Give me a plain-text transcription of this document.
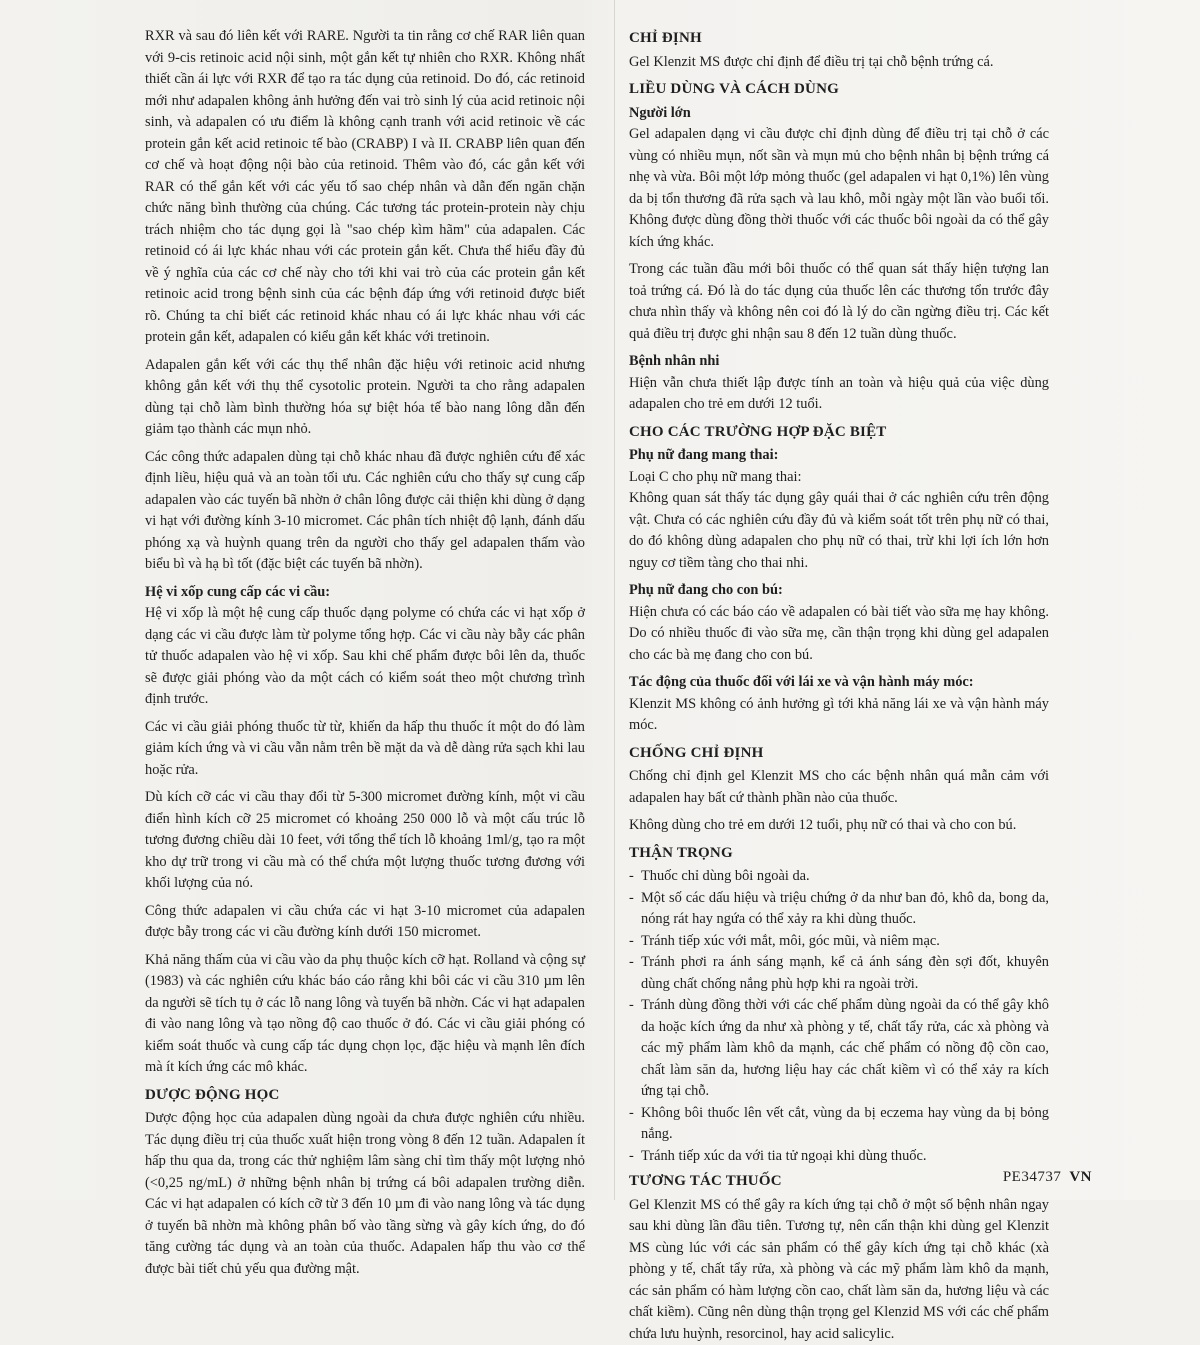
RXR và sau đó liên kết với RARE. Người ta tin rằng cơ chế RAR liên quan với 9-cis retinoic acid nội sinh, một gắn kết tự nhiên cho RXR. Không nhất thiết cần ái lực với RXR để tạo ra tác dụng của retinoid. Do đó, các retinoid mới như adapalen không ảnh hưởng đến vai trò sinh lý của acid retinoic nội sinh, và adapalen có ưu điểm là không cạnh tranh với acid retinoic về các protein gắn kết acid retinoic tế bào (CRABP) I và II. CRABP liên quan đến cơ chế và hoạt động nội bào của retinoid. Thêm vào đó, các gắn kết với RAR có thể gắn kết với các yếu tố sao chép nhân và dẫn đến ngăn chặn chức năng bình thường của chúng. Các tương tác protein-protein này chịu trách nhiệm cho tác dụng gọi là "sao chép kìm hãm" của adapalen. Các retinoid có ái lực khác nhau với các protein gắn kết. Chưa thể hiểu đầy đủ về ý nghĩa của các cơ chế này cho tới khi vai trò của các protein gắn kết retinoic acid trong bệnh sinh của các bệnh đáp ứng với retinoid được biết rõ. Chúng ta chỉ biết các retinoid khác nhau có ái lực khác nhau với các protein gắn kết, adapalen có kiểu gắn kết khác với tretinoin.

Adapalen gắn kết với các thụ thể nhân đặc hiệu với retinoic acid nhưng không gắn kết với thụ thể cysotolic protein. Người ta cho rằng adapalen dùng tại chỗ làm bình thường hóa sự biệt hóa tế bào nang lông dẫn đến giảm tạo thành các mụn nhỏ.

Các công thức adapalen dùng tại chỗ khác nhau đã được nghiên cứu để xác định liều, hiệu quả và an toàn tối ưu. Các nghiên cứu cho thấy sự cung cấp adapalen vào các tuyến bã nhờn ở chân lông được cải thiện khi dùng ở dạng vi hạt với đường kính 3-10 micromet. Các phân tích nhiệt độ lạnh, đánh dấu phóng xạ và huỳnh quang trên da người cho thấy gel adapalen thấm vào biểu bì và hạ bì tốt (đặc biệt các tuyến bã nhờn).

Hệ vi xốp cung cấp các vi cầu:

Hệ vi xốp là một hệ cung cấp thuốc dạng polyme có chứa các vi hạt xốp ở dạng các vi cầu được làm từ polyme tổng hợp. Các vi cầu này bẫy các phân tử thuốc adapalen vào hệ vi xốp. Sau khi chế phẩm được bôi lên da, thuốc sẽ được giải phóng vào da một cách có kiểm soát theo một chương trình định trước.

Các vi cầu giải phóng thuốc từ từ, khiến da hấp thu thuốc ít một do đó làm giảm kích ứng và vi cầu vẫn nằm trên bề mặt da và dễ dàng rửa sạch khi lau hoặc rửa.

Dù kích cỡ các vi cầu thay đổi từ 5-300 micromet đường kính, một vi cầu điển hình kích cỡ 25 micromet có khoảng 250 000 lỗ và một cấu trúc lỗ tương đương chiều dài 10 feet, với tổng thể tích lỗ khoảng 1ml/g, tạo ra một kho dự trữ trong vi cầu mà có thể chứa một lượng thuốc tương đương với khối lượng của nó.

Công thức adapalen vi cầu chứa các vi hạt 3-10 micromet của adapalen được bẫy trong các vi cầu đường kính dưới 150 micromet.

Khả năng thấm của vi cầu vào da phụ thuộc kích cỡ hạt. Rolland và cộng sự (1983) và các nghiên cứu khác báo cáo rằng khi bôi các vi cầu 310 µm lên da người sẽ tích tụ ở các lỗ nang lông và tuyến bã nhờn. Các vi hạt adapalen đi vào nang lông và tạo nồng độ cao thuốc ở đó. Các vi cầu giải phóng có kiểm soát thuốc và cung cấp tác dụng chọn lọc, đặc hiệu và mạnh lên đích mà ít kích ứng các mô khác.

DƯỢC ĐỘNG HỌC

Dược động học của adapalen dùng ngoài da chưa được nghiên cứu nhiều. Tác dụng điều trị của thuốc xuất hiện trong vòng 8 đến 12 tuần. Adapalen ít hấp thu qua da, trong các thử nghiệm lâm sàng chỉ tìm thấy một lượng nhỏ (<0,25 ng/mL) ở những bệnh nhân bị trứng cá bôi adapalen trường diễn. Các vi hạt adapalen có kích cỡ từ 3 đến 10 µm đi vào nang lông và tác dụng ở tuyến bã nhờn mà không phân bố vào tầng sừng và gây kích ứng, do đó tăng cường tác dụng và an toàn của thuốc. Adapalen hấp thu vào cơ thể được bài tiết chủ yếu qua đường mật.

CHỈ ĐỊNH

Gel Klenzit MS được chỉ định để điều trị tại chỗ bệnh trứng cá.

LIỀU DÙNG VÀ CÁCH DÙNG
Người lớn

Gel adapalen dạng vi cầu được chỉ định dùng để điều trị tại chỗ ở các vùng có nhiều mụn, nốt sần và mụn mủ cho bệnh nhân bị bệnh trứng cá nhẹ và vừa. Bôi một lớp mỏng thuốc (gel adapalen vi hạt 0,1%) lên vùng da bị tổn thương đã rửa sạch và lau khô, mỗi ngày một lần vào buổi tối. Không được dùng đồng thời thuốc với các thuốc bôi ngoài da có thể gây kích ứng khác.

Trong các tuần đầu mới bôi thuốc có thể quan sát thấy hiện tượng lan toả trứng cá. Đó là do tác dụng của thuốc lên các thương tổn trước đây chưa nhìn thấy và không nên coi đó là lý do cần ngừng điều trị. Các kết quả điều trị được ghi nhận sau 8 đến 12 tuần dùng thuốc.

Bệnh nhân nhi

Hiện vẫn chưa thiết lập được tính an toàn và hiệu quả của việc dùng adapalen cho trẻ em dưới 12 tuổi.

CHO CÁC TRƯỜNG HỢP ĐẶC BIỆT
Phụ nữ đang mang thai:

Loại C cho phụ nữ mang thai:

Không quan sát thấy tác dụng gây quái thai ở các nghiên cứu trên động vật. Chưa có các nghiên cứu đầy đủ và kiểm soát tốt trên phụ nữ có thai, do đó không dùng adapalen cho phụ nữ có thai, trừ khi lợi ích lớn hơn nguy cơ tiềm tàng cho thai nhi.

Phụ nữ đang cho con bú:

Hiện chưa có các báo cáo về adapalen có bài tiết vào sữa mẹ hay không. Do có nhiều thuốc đi vào sữa mẹ, cần thận trọng khi dùng gel adapalen cho các bà mẹ đang cho con bú.

Tác động của thuốc đối với lái xe và vận hành máy móc:

Klenzit MS không có ảnh hưởng gì tới khả năng lái xe và vận hành máy móc.

CHỐNG CHỈ ĐỊNH

Chống chỉ định gel Klenzit MS cho các bệnh nhân quá mẫn cảm với adapalen hay bất cứ thành phần nào của thuốc.

Không dùng cho trẻ em dưới 12 tuổi, phụ nữ có thai và cho con bú.

THẬN TRỌNG
- Thuốc chỉ dùng bôi ngoài da.
- Một số các dấu hiệu và triệu chứng ở da như ban đỏ, khô da, bong da, nóng rát hay ngứa có thể xảy ra khi dùng thuốc.
- Tránh tiếp xúc với mắt, môi, góc mũi, và niêm mạc.
- Tránh phơi ra ánh sáng mạnh, kể cả ánh sáng đèn sợi đốt, khuyên dùng chất chống nắng phù hợp khi ra ngoài trời.
- Tránh dùng đồng thời với các chế phẩm dùng ngoài da có thể gây khô da hoặc kích ứng da như xà phòng y tế, chất tẩy rửa, các xà phòng và các mỹ phẩm làm khô da mạnh, các chế phẩm có nồng độ cồn cao, chất làm săn da, hương liệu hay các chất kiềm vì có thể xảy ra kích ứng tại chỗ.
- Không bôi thuốc lên vết cắt, vùng da bị eczema hay vùng da bị bỏng nắng.
- Tránh tiếp xúc da với tia tử ngoại khi dùng thuốc.
TƯƠNG TÁC THUỐC

Gel Klenzit MS có thể gây ra kích ứng tại chỗ ở một số bệnh nhân ngay sau khi dùng lần đầu tiên. Tương tự, nên cẩn thận khi dùng gel Klenzit MS cùng lúc với các sản phẩm có thể gây kích ứng tại chỗ khác (xà phòng y tế, chất tẩy rửa, xà phòng và các mỹ phẩm làm khô da mạnh, các sản phẩm có hàm lượng cồn cao, chất làm săn da, hương liệu và các chất kiềm). Cũng nên dùng thận trọng gel Klenzid MS với các chế phẩm chứa lưu huỳnh, resorcinol, hay acid salicylic.

PE34737 VN
